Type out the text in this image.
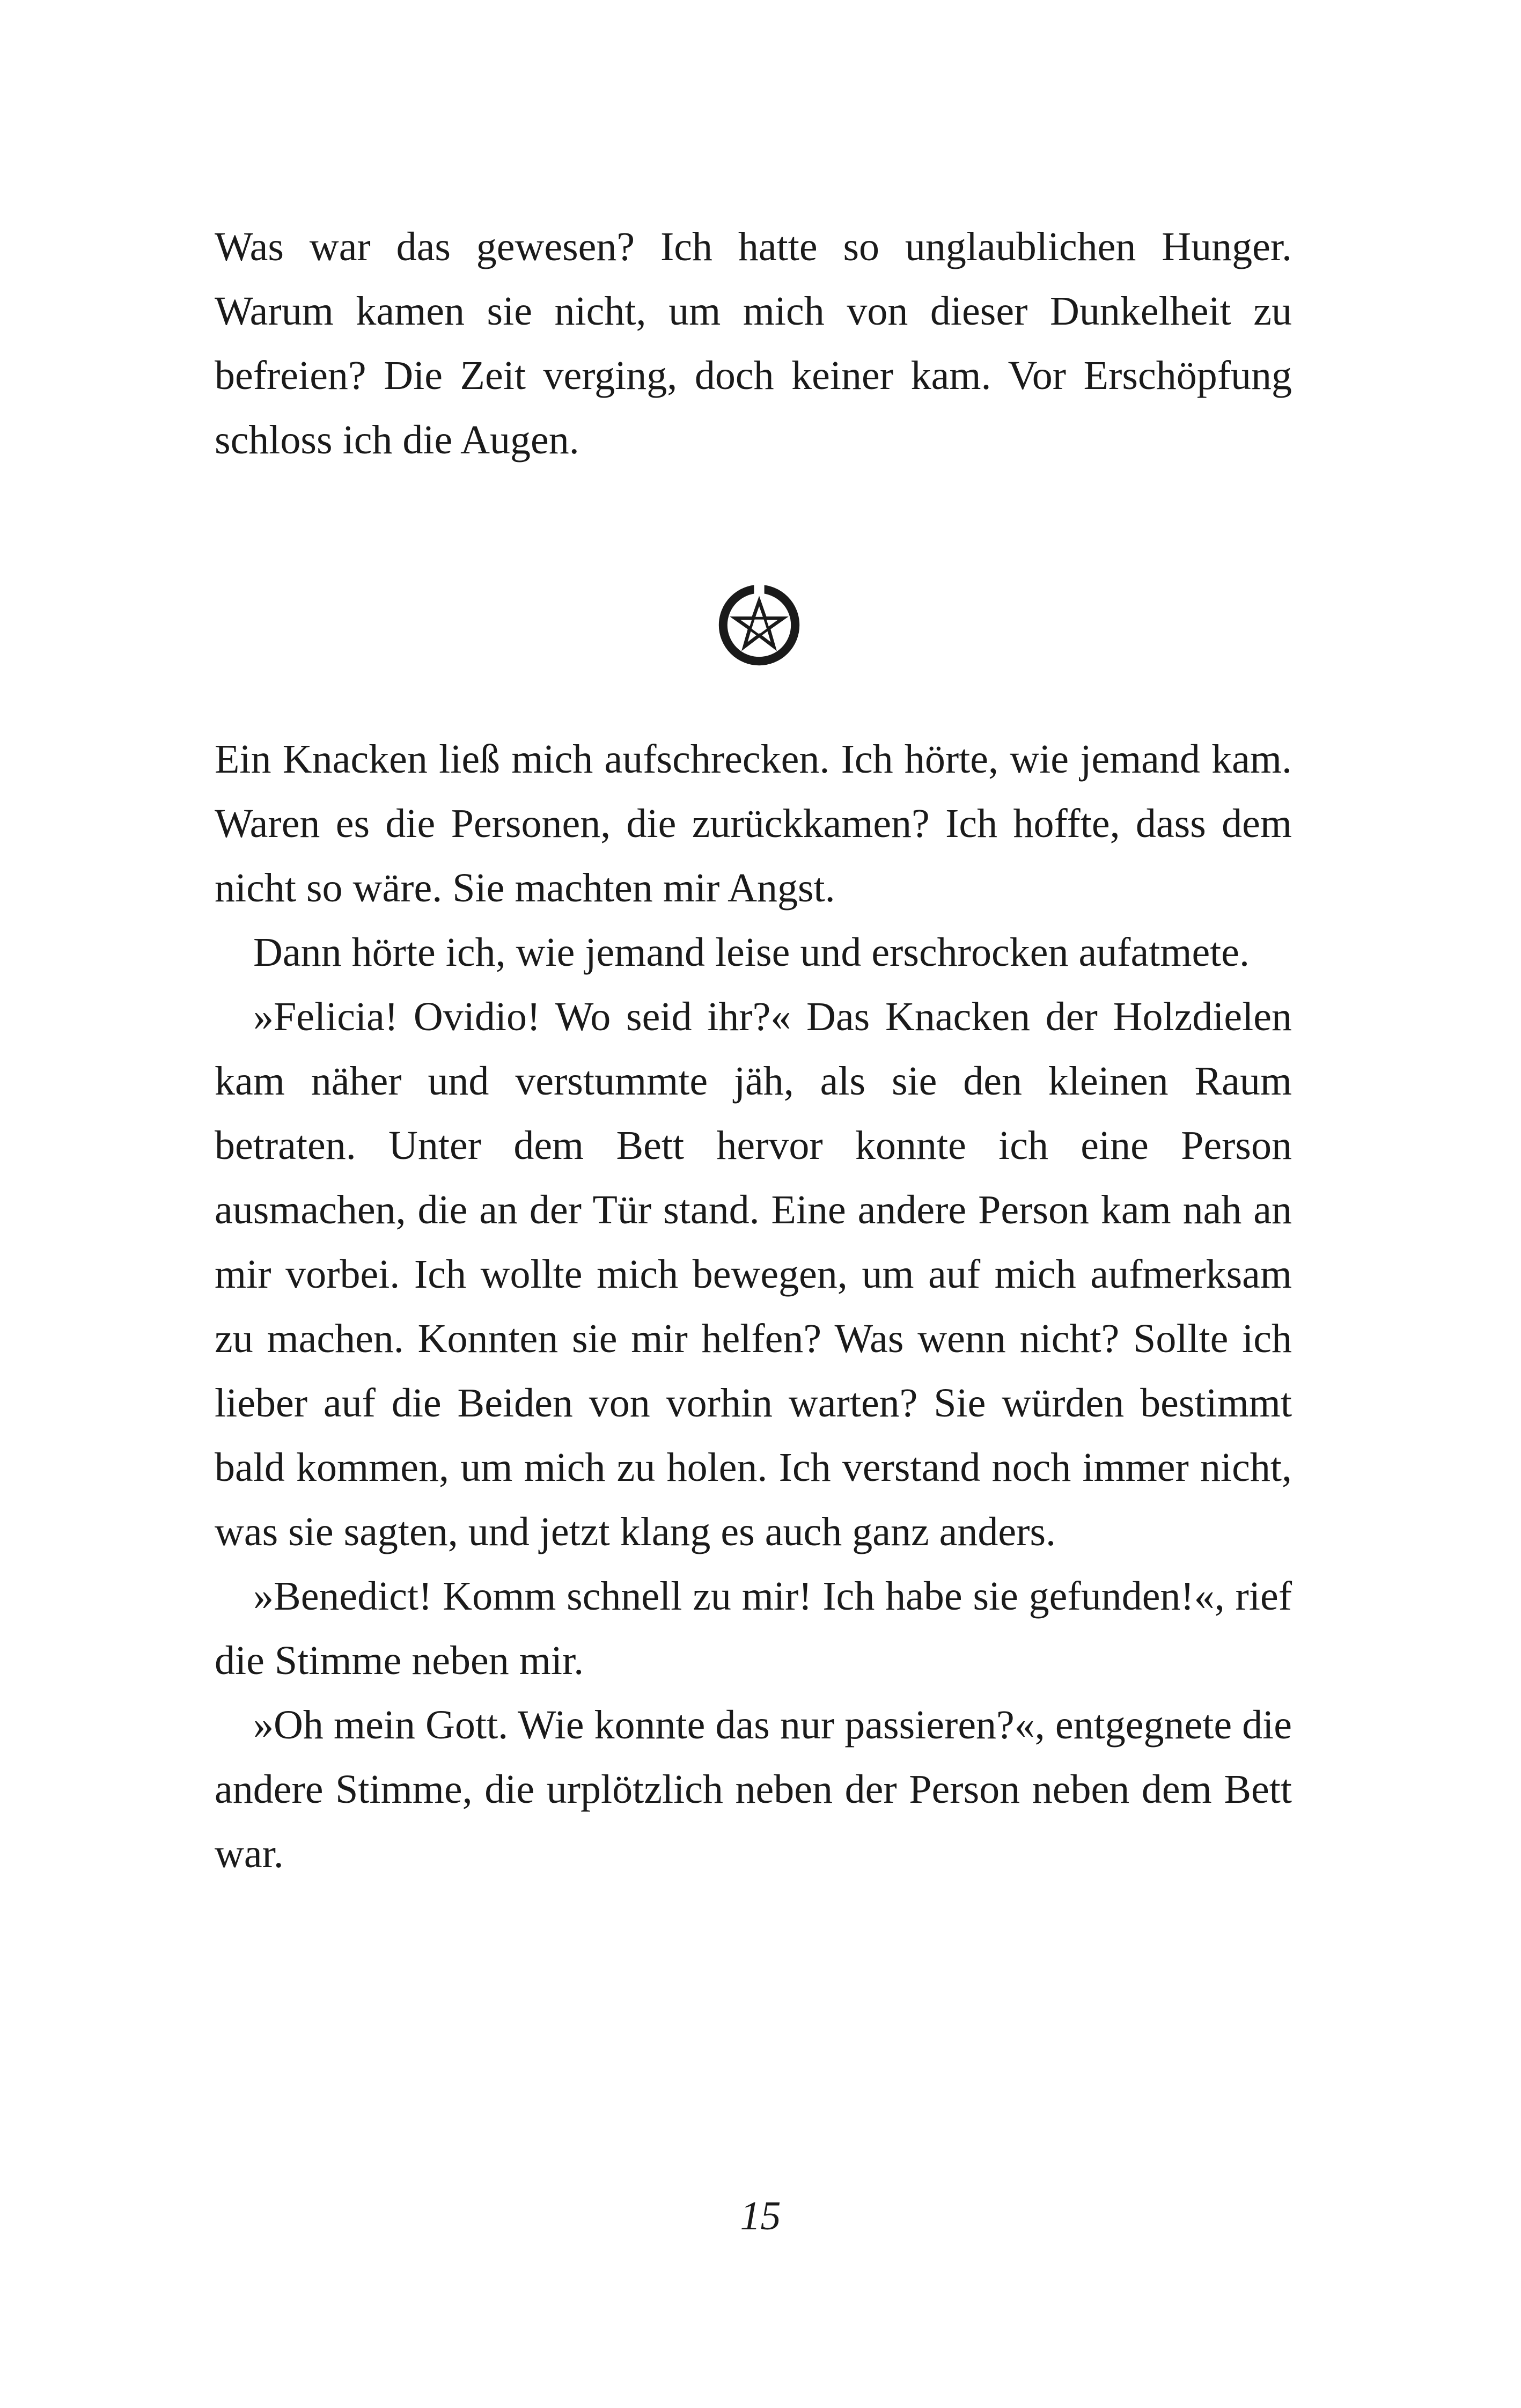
Was war das gewesen? Ich hatte so unglaublichen Hunger. Warum kamen sie nicht, um mich von dieser Dunkelheit zu befreien? Die Zeit verging, doch keiner kam. Vor Erschöpfung schloss ich die Augen.

Ein Knacken ließ mich aufschrecken. Ich hörte, wie jemand kam. Waren es die Personen, die zurückkamen? Ich hoffte, dass dem nicht so wäre. Sie machten mir Angst.

Dann hörte ich, wie jemand leise und erschrocken aufatmete.

»Felicia! Ovidio! Wo seid ihr?« Das Knacken der Holzdielen kam näher und verstummte jäh, als sie den kleinen Raum betraten. Unter dem Bett hervor konnte ich eine Person ausmachen, die an der Tür stand. Eine andere Person kam nah an mir vorbei. Ich wollte mich bewegen, um auf mich aufmerksam zu machen. Konnten sie mir helfen? Was wenn nicht? Sollte ich lieber auf die Beiden von vorhin warten? Sie würden bestimmt bald kommen, um mich zu holen. Ich verstand noch immer nicht, was sie sagten, und jetzt klang es auch ganz anders.

»Benedict! Komm schnell zu mir! Ich habe sie gefunden!«, rief die Stimme neben mir.

»Oh mein Gott. Wie konnte das nur passieren?«, entgegnete die andere Stimme, die urplötzlich neben der Person neben dem Bett war.

15
